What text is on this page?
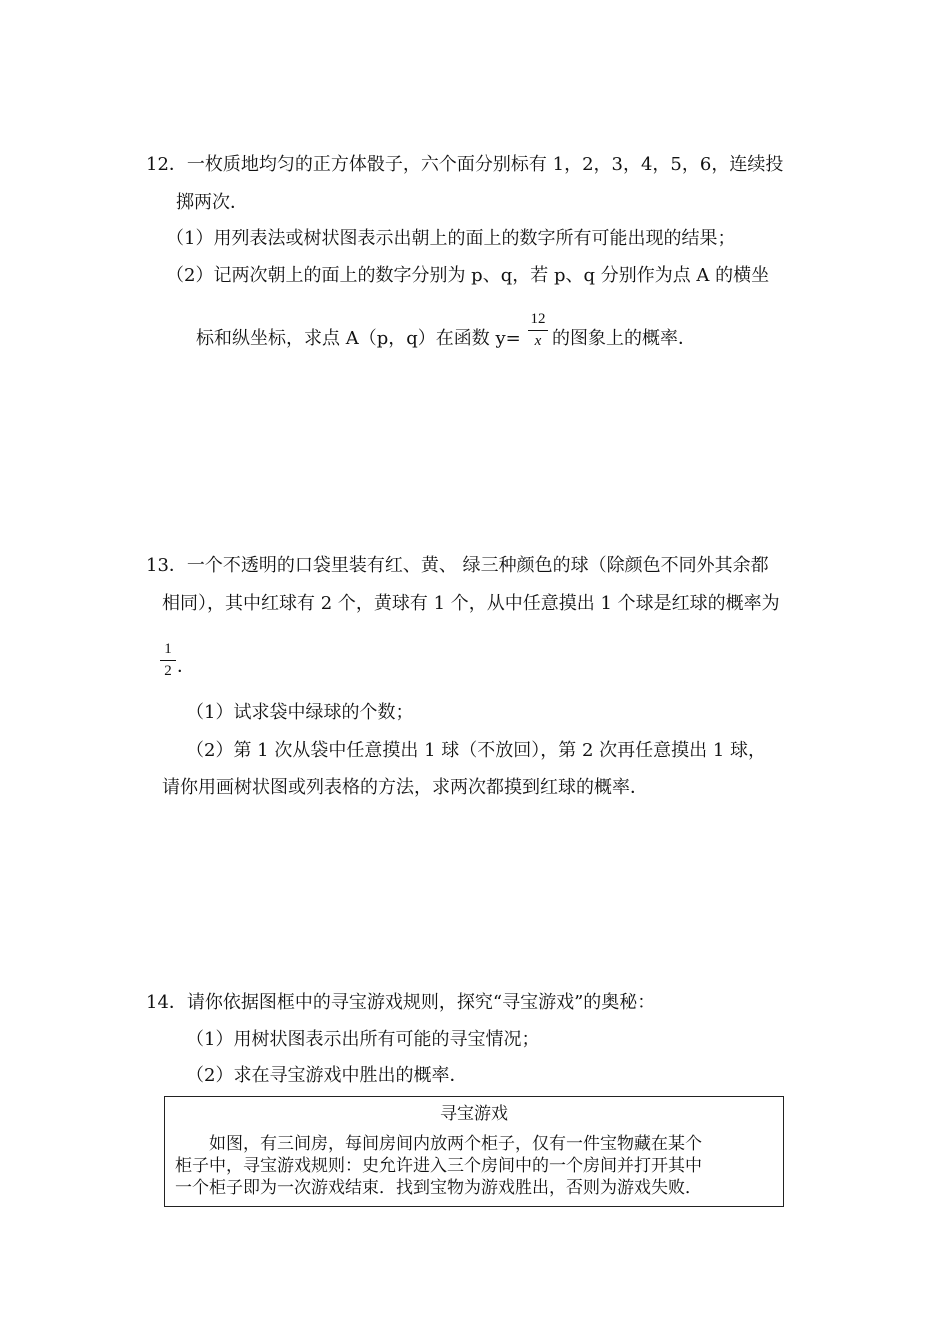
12．一枚质地均匀的正方体骰子，六个面分别标有 1，2，3，4，5，6，连续投
掷两次．
（1）用列表法或树状图表示出朝上的面上的数字所有可能出现的结果；
（2）记两次朝上的面上的数字分别为 p、q，若 p、q 分别作为点 A 的横坐
标和纵坐标，求点 A（p，q）在函数 y=
12
x 的图象上的概率．
13．一个不透明的口袋里装有红、黄、 绿三种颜色的球（除颜色不同外其余都
相同），其中红球有 2 个，黄球有 1 个，从中任意摸出 1 个球是红球的概率为
1
2 ．
（1）试求袋中绿球的个数；
（2）第 1 次从袋中任意摸出 1 球（不放回），第 2 次再任意摸出 1 球，
请你用画树状图或列表格的方法，求两次都摸到红球的概率．
14．请你依据图框中的寻宝游戏规则，探究“寻宝游戏”的奥秘：
（1）用树状图表示出所有可能的寻宝情况；
（2）求在寻宝游戏中胜出的概率．
寻宝游戏
如图，有三间房，每间房间内放两个柜子，仅有一件宝物藏在某个
柜子中，寻宝游戏规则：史允许进入三个房间中的一个房间并打开其中
一个柜子即为一次游戏结束．找到宝物为游戏胜出，否则为游戏失败．
